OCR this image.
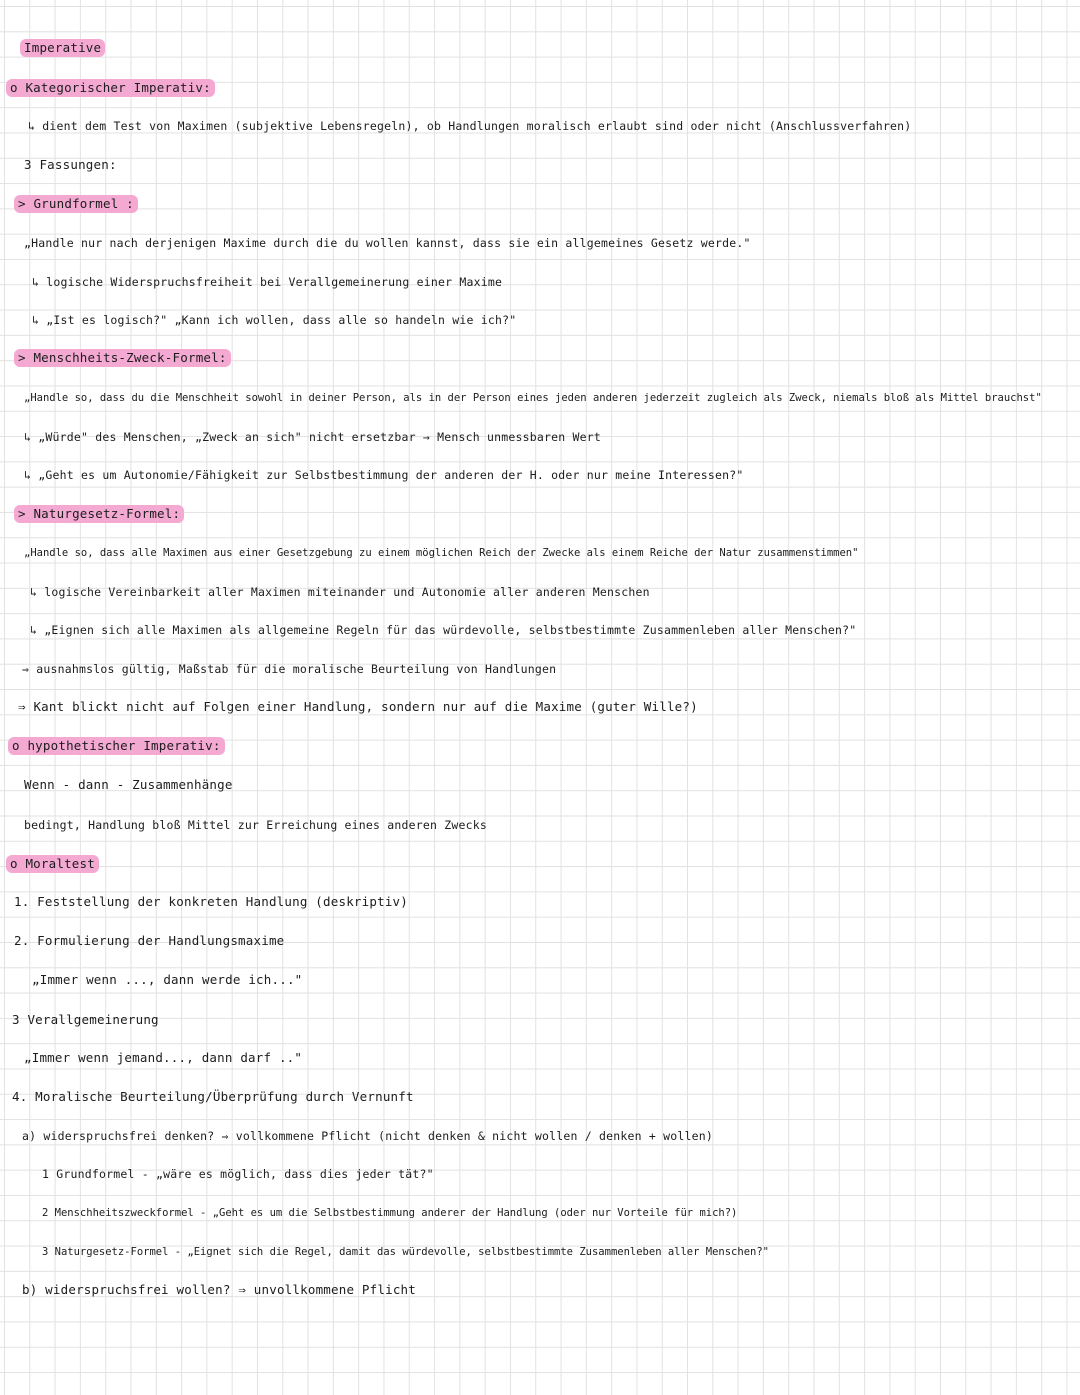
Imperative
o Kategorischer Imperativ:
↳ dient dem Test von Maximen (subjektive Lebensregeln), ob Handlungen moralisch erlaubt sind oder nicht (Anschlussverfahren)
3 Fassungen:
> Grundformel :
„Handle nur nach derjenigen Maxime durch die du wollen kannst, dass sie ein allgemeines Gesetz werde."
↳ logische Widerspruchsfreiheit bei Verallgemeinerung einer Maxime
↳ „Ist es logisch?" „Kann ich wollen, dass alle so handeln wie ich?"
> Menschheits-Zweck-Formel:
„Handle so, dass du die Menschheit sowohl in deiner Person, als in der Person eines jeden anderen jederzeit zugleich als Zweck, niemals bloß als Mittel brauchst"
↳ „Würde" des Menschen, „Zweck an sich" nicht ersetzbar → Mensch unmessbaren Wert
↳ „Geht es um Autonomie/Fähigkeit zur Selbstbestimmung der anderen der H. oder nur meine Interessen?"
> Naturgesetz-Formel:
„Handle so, dass alle Maximen aus einer Gesetzgebung zu einem möglichen Reich der Zwecke als einem Reiche der Natur zusammenstimmen"
↳ logische Vereinbarkeit aller Maximen miteinander und Autonomie aller anderen Menschen
↳ „Eignen sich alle Maximen als allgemeine Regeln für das würdevolle, selbstbestimmte Zusammenleben aller Menschen?"
⇒ ausnahmslos gültig, Maßstab für die moralische Beurteilung von Handlungen
⇒ Kant blickt nicht auf Folgen einer Handlung, sondern nur auf die Maxime (guter Wille?)
o hypothetischer Imperativ:
Wenn - dann - Zusammenhänge
bedingt, Handlung bloß Mittel zur Erreichung eines anderen Zwecks
o Moraltest
1. Feststellung der konkreten Handlung (deskriptiv)
2. Formulierung der Handlungsmaxime
„Immer wenn ..., dann werde ich..."
3 Verallgemeinerung
„Immer wenn jemand..., dann darf .."
4. Moralische Beurteilung/Überprüfung durch Vernunft
a) widerspruchsfrei denken? ⇒ vollkommene Pflicht (nicht denken & nicht wollen / denken + wollen)
1 Grundformel - „wäre es möglich, dass dies jeder tät?"
2 Menschheitszweckformel - „Geht es um die Selbstbestimmung anderer der Handlung (oder nur Vorteile für mich?)
3 Naturgesetz-Formel - „Eignet sich die Regel, damit das würdevolle, selbstbestimmte Zusammenleben aller Menschen?"
b) widerspruchsfrei wollen? ⇒ unvollkommene Pflicht
